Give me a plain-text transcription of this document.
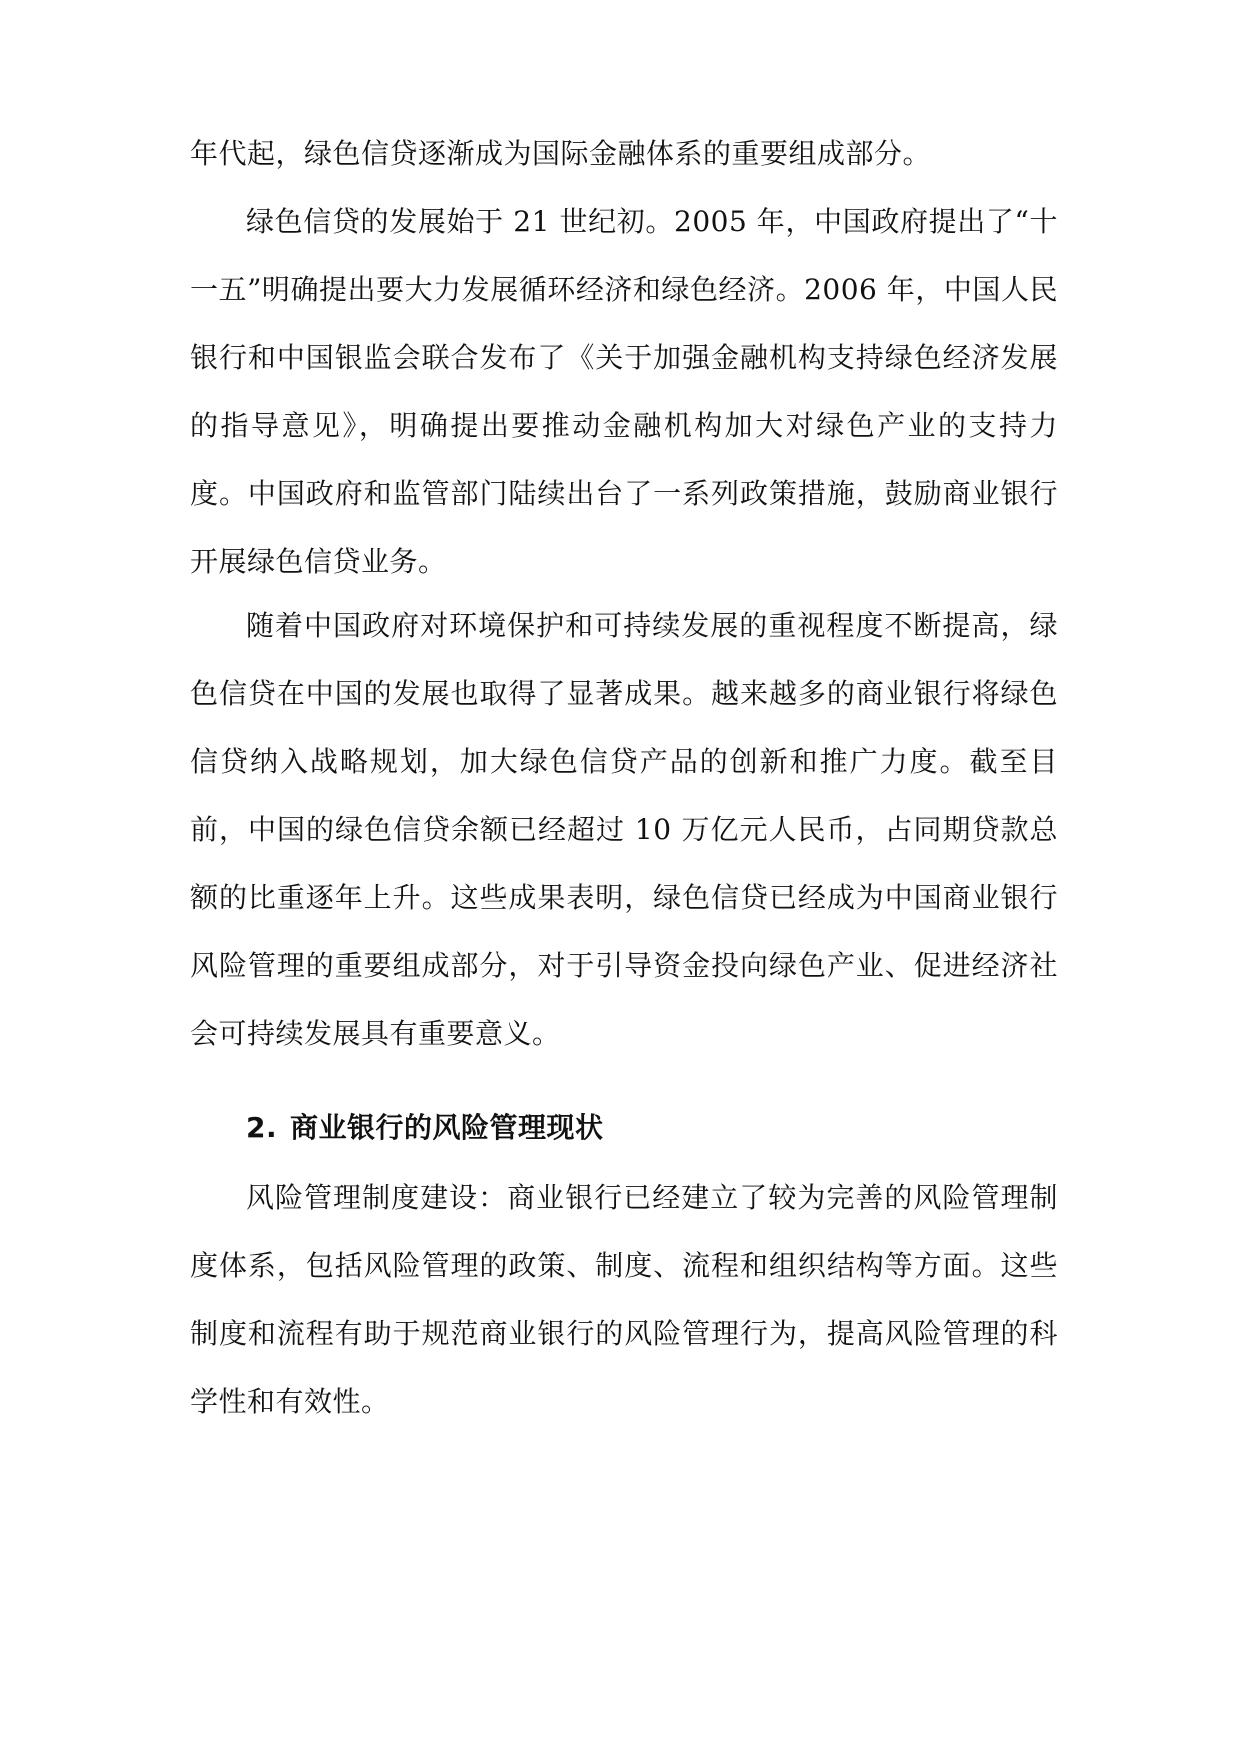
年代起，绿色信贷逐渐成为国际金融体系的重要组成部分。

绿色信贷的发展始于 21 世纪初。2005 年，中国政府提出了“十一五”明确提出要大力发展循环经济和绿色经济。2006 年，中国人民银行和中国银监会联合发布了《关于加强金融机构支持绿色经济发展的指导意见》，明确提出要推动金融机构加大对绿色产业的支持力度。中国政府和监管部门陆续出台了一系列政策措施，鼓励商业银行开展绿色信贷业务。

随着中国政府对环境保护和可持续发展的重视程度不断提高，绿色信贷在中国的发展也取得了显著成果。越来越多的商业银行将绿色信贷纳入战略规划，加大绿色信贷产品的创新和推广力度。截至目前，中国的绿色信贷余额已经超过 10 万亿元人民币，占同期贷款总额的比重逐年上升。这些成果表明，绿色信贷已经成为中国商业银行风险管理的重要组成部分，对于引导资金投向绿色产业、促进经济社会可持续发展具有重要意义。

2. 商业银行的风险管理现状

风险管理制度建设：商业银行已经建立了较为完善的风险管理制度体系，包括风险管理的政策、制度、流程和组织结构等方面。这些制度和流程有助于规范商业银行的风险管理行为，提高风险管理的科学性和有效性。
